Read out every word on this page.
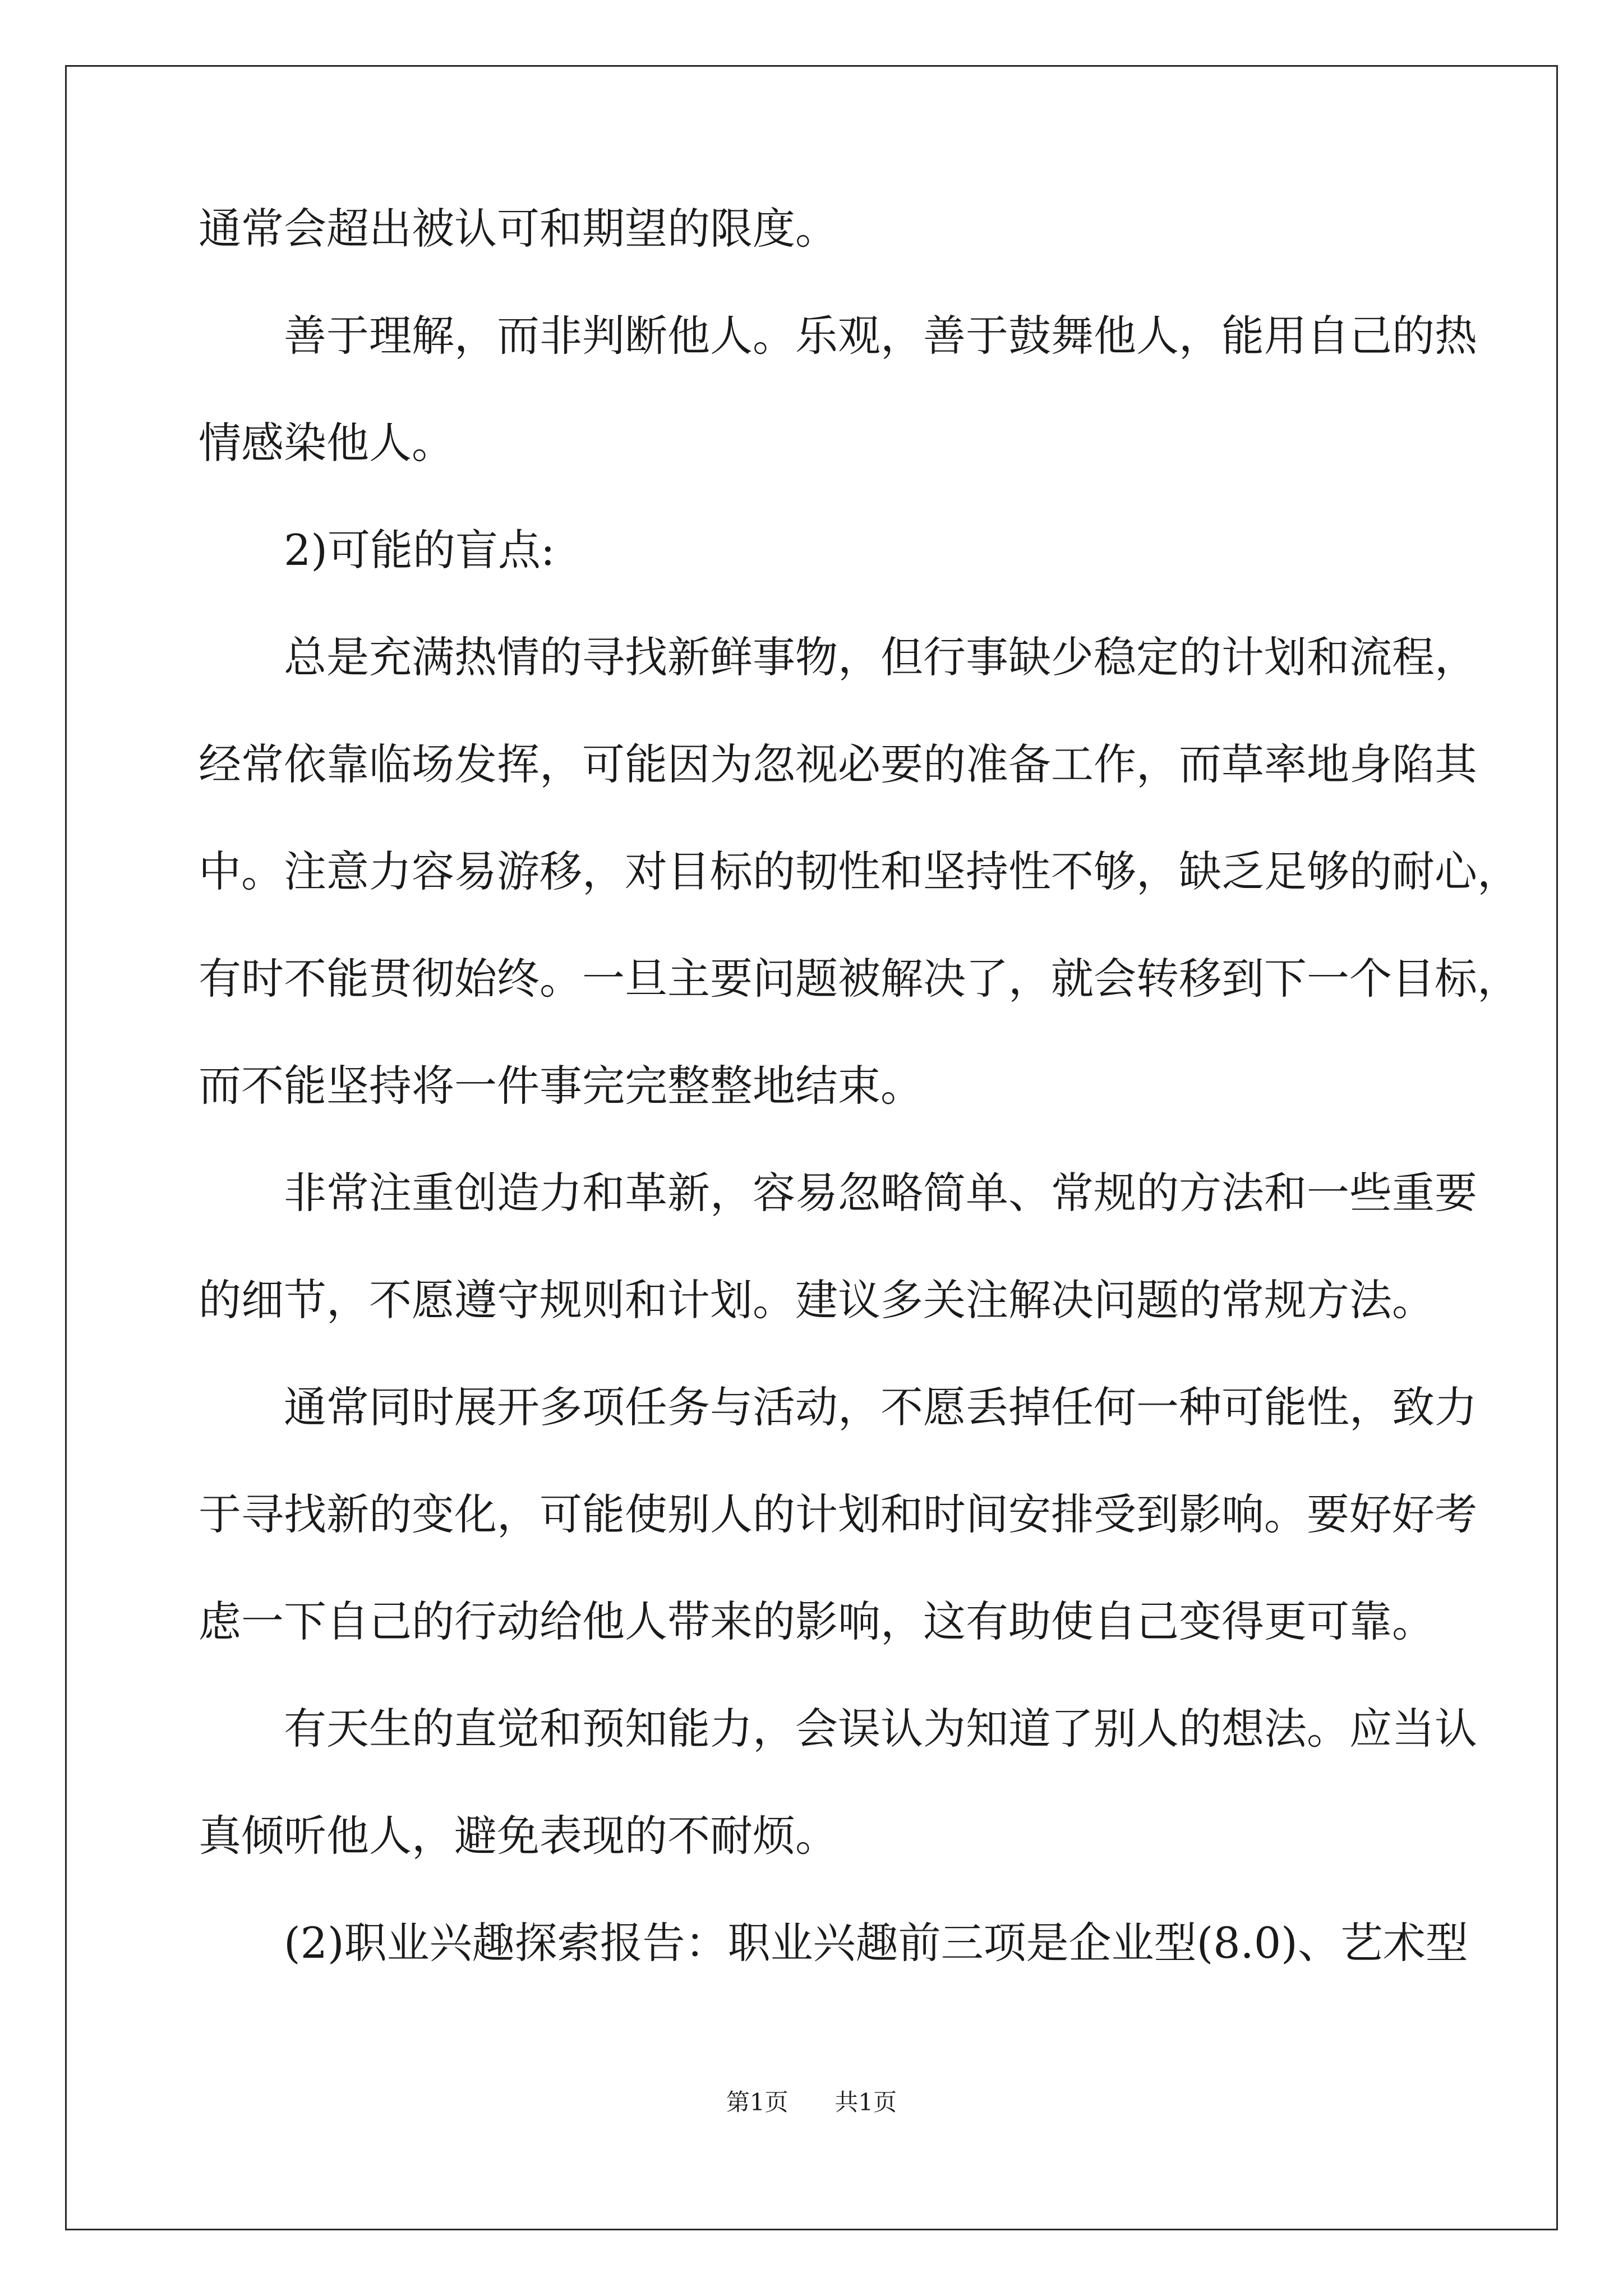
通常会超出被认可和期望的限度。
善于理解，而非判断他人。乐观，善于鼓舞他人，能用自己的热
情感染他人。
2)可能的盲点:
总是充满热情的寻找新鲜事物，但行事缺少稳定的计划和流程，
经常依靠临场发挥，可能因为忽视必要的准备工作，而草率地身陷其
中。注意力容易游移，对目标的韧性和坚持性不够，缺乏足够的耐心，
有时不能贯彻始终。一旦主要问题被解决了，就会转移到下一个目标，
而不能坚持将一件事完完整整地结束。
非常注重创造力和革新，容易忽略简单、常规的方法和一些重要
的细节，不愿遵守规则和计划。建议多关注解决问题的常规方法。
通常同时展开多项任务与活动，不愿丢掉任何一种可能性，致力
于寻找新的变化，可能使别人的计划和时间安排受到影响。要好好考
虑一下自己的行动给他人带来的影响，这有助使自己变得更可靠。
有天生的直觉和预知能力，会误认为知道了别人的想法。应当认
真倾听他人，避免表现的不耐烦。
(2)职业兴趣探索报告：职业兴趣前三项是企业型(8.0)、艺术型
第1页 共1页
